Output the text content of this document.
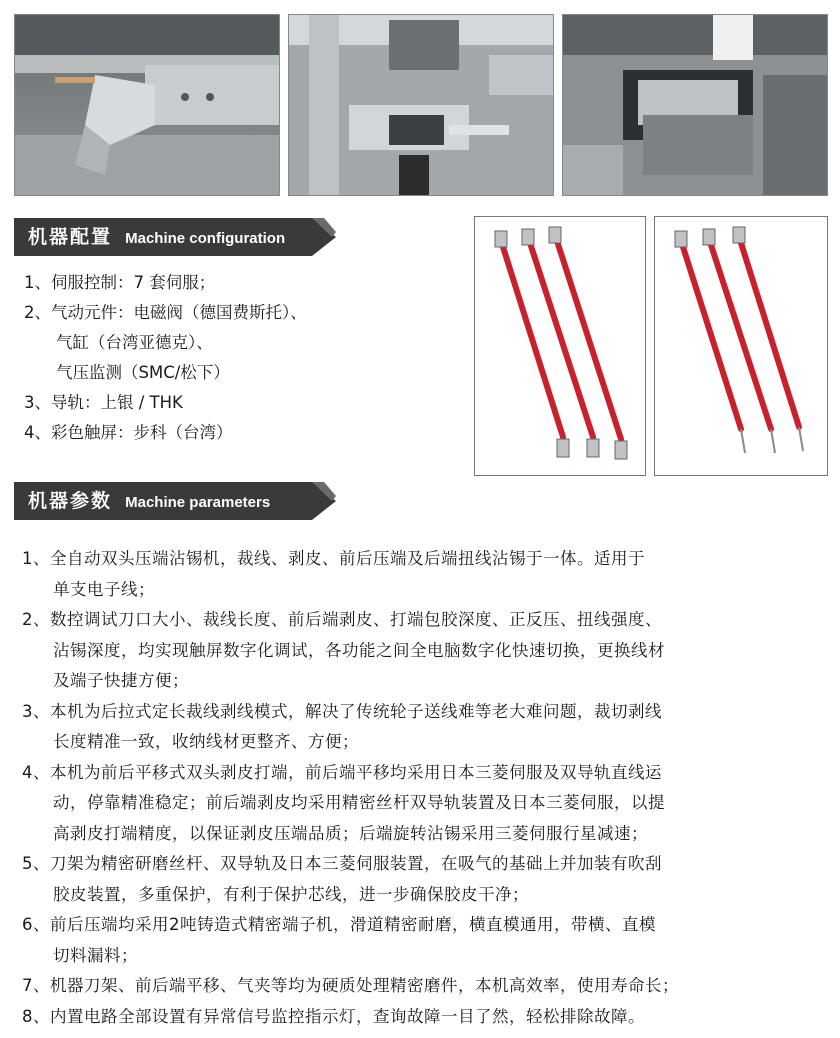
机器配置 Machine configuration
1、伺服控制：7 套伺服；
2、气动元件：电磁阀（德国费斯托）、
气缸（台湾亚德克）、
气压监测（SMC/松下）
3、导轨：上银 / THK
4、彩色触屏：步科（台湾）
机器参数 Machine parameters
1、全自动双头压端沾锡机，裁线、剥皮、前后压端及后端扭线沾锡于一体。适用于
单支电子线；
2、数控调试刀口大小、裁线长度、前后端剥皮、打端包胶深度、正反压、扭线强度、
沾锡深度，均实现触屏数字化调试，各功能之间全电脑数字化快速切换，更换线材
及端子快捷方便；
3、本机为后拉式定长裁线剥线模式，解决了传统轮子送线难等老大难问题，裁切剥线
长度精准一致，收纳线材更整齐、方便；
4、本机为前后平移式双头剥皮打端，前后端平移均采用日本三菱伺服及双导轨直线运
动，停靠精准稳定；前后端剥皮均采用精密丝杆双导轨装置及日本三菱伺服，以提
高剥皮打端精度，以保证剥皮压端品质；后端旋转沾锡采用三菱伺服行星减速；
5、刀架为精密研磨丝杆、双导轨及日本三菱伺服装置，在吸气的基础上并加装有吹刮
胶皮装置，多重保护，有利于保护芯线，进一步确保胶皮干净；
6、前后压端均采用2吨铸造式精密端子机，滑道精密耐磨，横直模通用，带横、直模
切料漏料；
7、机器刀架、前后端平移、气夹等均为硬质处理精密磨件，本机高效率，使用寿命长；
8、内置电路全部设置有异常信号监控指示灯，查询故障一目了然，轻松排除故障。
